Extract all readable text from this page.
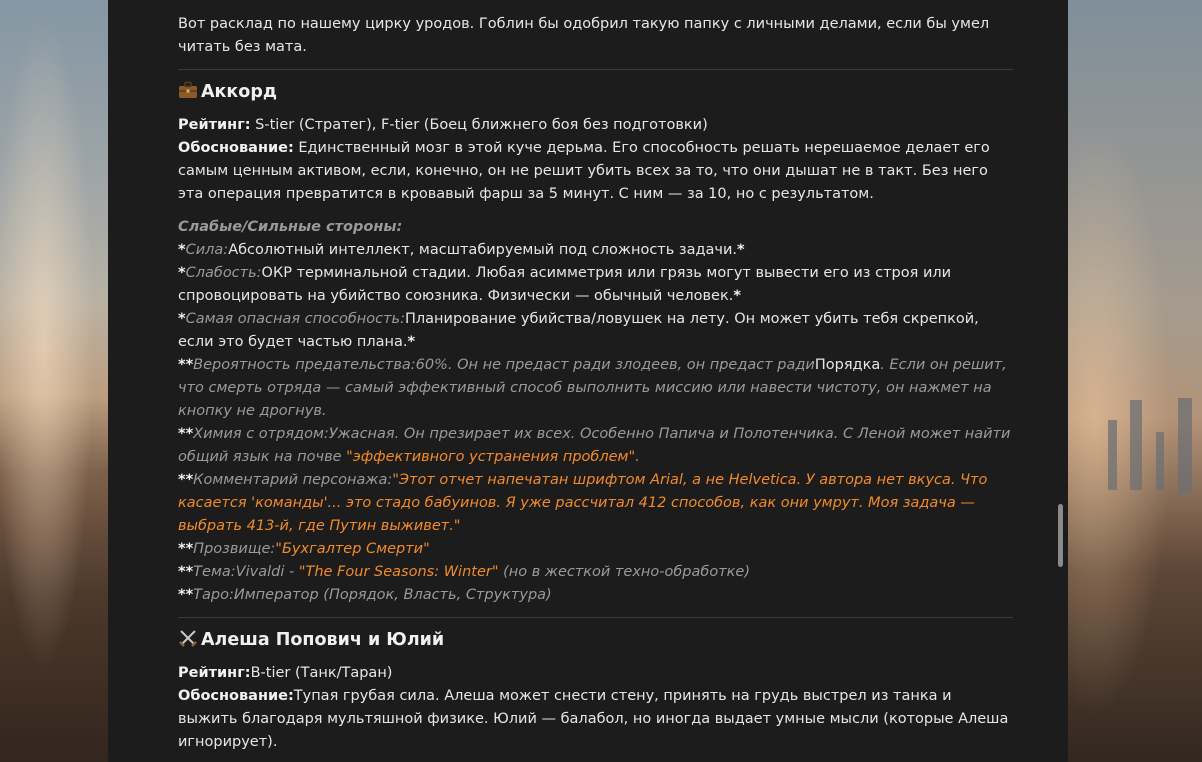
Вот расклад по нашему цирку уродов. Гоблин бы одобрил такую папку с личными делами, если бы умел читать без мата.

Аккорд

Рейтинг: S-tier (Стратег), F-tier (Боец ближнего боя без подготовки)

Обоснование: Единственный мозг в этой куче дерьма. Его способность решать нерешаемое делает его самым ценным активом, если, конечно, он не решит убить всех за то, что они дышат не в такт. Без него эта операция превратится в кровавый фарш за 5 минут. С ним — за 10, но с результатом.

Слабые/Сильные стороны:

*Сила:Абсолютный интеллект, масштабируемый под сложность задачи.*

*Слабость:ОКР терминальной стадии. Любая асимметрия или грязь могут вывести его из строя или спровоцировать на убийство союзника. Физически — обычный человек.*

*Самая опасная способность:Планирование убийства/ловушек на лету. Он может убить тебя скрепкой, если это будет частью плана.*

**Вероятность предательства:60%. Он не предаст ради злодеев, он предаст радиПорядка. Если он решит, что смерть отряда — самый эффективный способ выполнить миссию или навести чистоту, он нажмет на кнопку не дрогнув.

**Химия с отрядом:Ужасная. Он презирает их всех. Особенно Папича и Полотенчика. С Леной может найти общий язык на почве "эффективного устранения проблем".

**Комментарий персонажа:"Этот отчет напечатан шрифтом Arial, а не Helvetica. У автора нет вкуса. Что касается 'команды'... это стадо бабуинов. Я уже рассчитал 412 способов, как они умрут. Моя задача — выбрать 413-й, где Путин выживет."

**Прозвище:"Бухгалтер Смерти"

**Тема:Vivaldi - "The Four Seasons: Winter" (но в жесткой техно-обработке)

**Таро:Император (Порядок, Власть, Структура)

Алеша Попович и Юлий

Рейтинг:B-tier (Танк/Таран)

Обоснование:Тупая грубая сила. Алеша может снести стену, принять на грудь выстрел из танка и выжить благодаря мультяшной физике. Юлий — балабол, но иногда выдает умные мысли (которые Алеша игнорирует).
